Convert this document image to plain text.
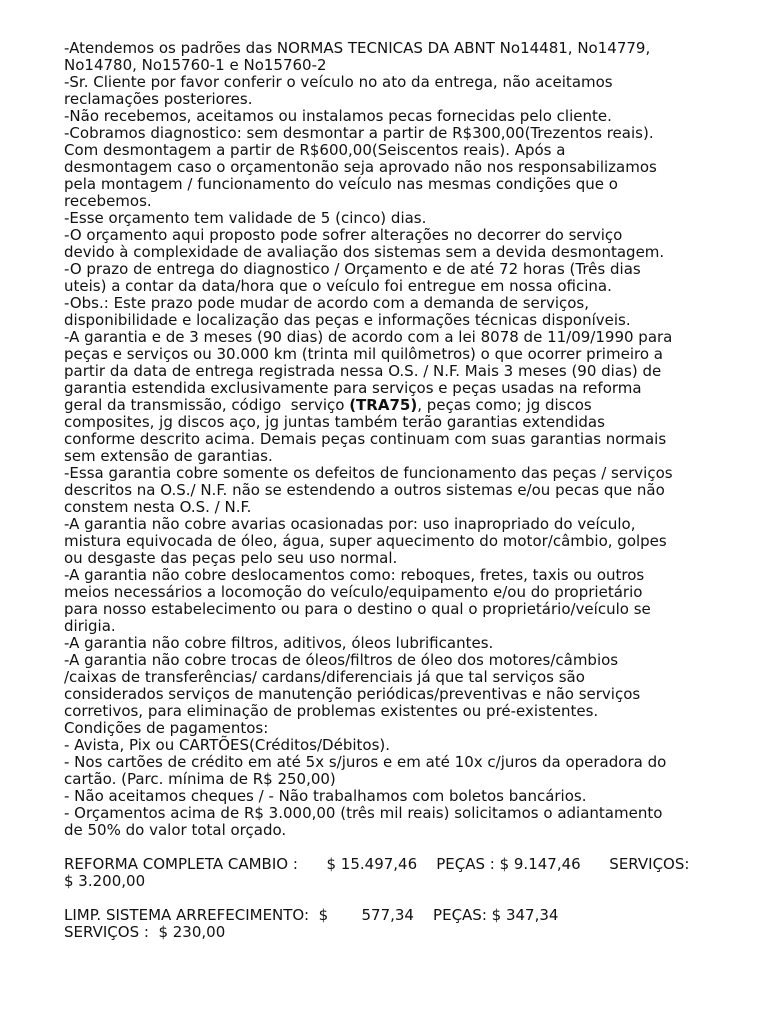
-Atendemos os padrões das NORMAS TECNICAS DA ABNT No14481, No14779,
No14780, No15760-1 e No15760-2
-Sr. Cliente por favor conferir o veículo no ato da entrega, não aceitamos
reclamações posteriores.
-Não recebemos, aceitamos ou instalamos pecas fornecidas pelo cliente.
-Cobramos diagnostico: sem desmontar a partir de R$300,00(Trezentos reais).
Com desmontagem a partir de R$600,00(Seiscentos reais). Após a
desmontagem caso o orçamentonão seja aprovado não nos responsabilizamos
pela montagem / funcionamento do veículo nas mesmas condições que o
recebemos.
-Esse orçamento tem validade de 5 (cinco) dias.
-O orçamento aqui proposto pode sofrer alterações no decorrer do serviço
devido à complexidade de avaliação dos sistemas sem a devida desmontagem.
-O prazo de entrega do diagnostico / Orçamento e de até 72 horas (Três dias
uteis) a contar da data/hora que o veículo foi entregue em nossa oficina.
-Obs.: Este prazo pode mudar de acordo com a demanda de serviços,
disponibilidade e localização das peças e informações técnicas disponíveis.
-A garantia e de 3 meses (90 dias) de acordo com a lei 8078 de 11/09/1990 para
peças e serviços ou 30.000 km (trinta mil quilômetros) o que ocorrer primeiro a
partir da data de entrega registrada nessa O.S. / N.F. Mais 3 meses (90 dias) de
garantia estendida exclusivamente para serviços e peças usadas na reforma
geral da transmissão, código  serviço (TRA75), peças como; jg discos
composites, jg discos aço, jg juntas também terão garantias extendidas
conforme descrito acima. Demais peças continuam com suas garantias normais
sem extensão de garantias.
-Essa garantia cobre somente os defeitos de funcionamento das peças / serviços
descritos na O.S./ N.F. não se estendendo a outros sistemas e/ou pecas que não
constem nesta O.S. / N.F.
-A garantia não cobre avarias ocasionadas por: uso inapropriado do veículo,
mistura equivocada de óleo, água, super aquecimento do motor/câmbio, golpes
ou desgaste das peças pelo seu uso normal.
-A garantia não cobre deslocamentos como: reboques, fretes, taxis ou outros
meios necessários a locomoção do veículo/equipamento e/ou do proprietário
para nosso estabelecimento ou para o destino o qual o proprietário/veículo se
dirigia.
-A garantia não cobre filtros, aditivos, óleos lubrificantes.
-A garantia não cobre trocas de óleos/filtros de óleo dos motores/câmbios
/caixas de transferências/ cardans/diferenciais já que tal serviços são
considerados serviços de manutenção periódicas/preventivas e não serviços
corretivos, para eliminação de problemas existentes ou pré-existentes.
Condições de pagamentos:
- Avista, Pix ou CARTÕES(Créditos/Débitos).
- Nos cartões de crédito em até 5x s/juros e em até 10x c/juros da operadora do
cartão. (Parc. mínima de R$ 250,00)
- Não aceitamos cheques / - Não trabalhamos com boletos bancários.
- Orçamentos acima de R$ 3.000,00 (três mil reais) solicitamos o adiantamento
de 50% do valor total orçado.
REFORMA COMPLETA CAMBIO :      $ 15.497,46    PEÇAS : $ 9.147,46      SERVIÇOS:
$ 3.200,00
LIMP. SISTEMA ARREFECIMENTO:  $       577,34    PEÇAS: $ 347,34
SERVIÇOS :  $ 230,00
